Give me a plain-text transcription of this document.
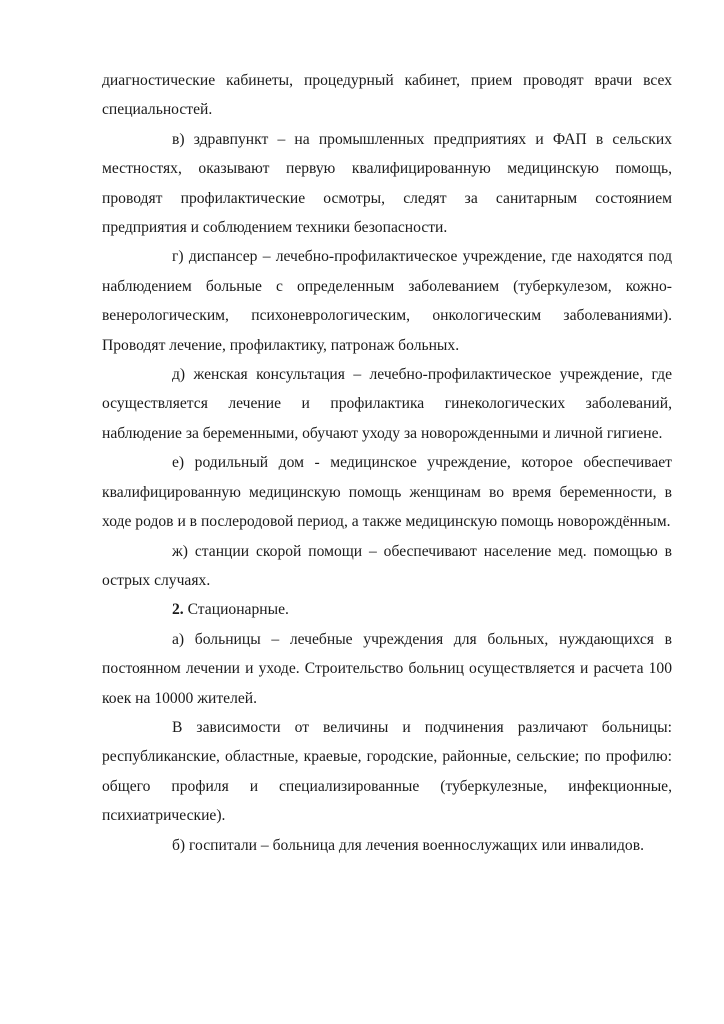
диагностические кабинеты, процедурный кабинет, прием проводят врачи всех специальностей.

в) здравпункт – на промышленных предприятиях и ФАП в сельских местностях, оказывают первую квалифицированную медицинскую помощь, проводят профилактические осмотры, следят за санитарным состоянием предприятия и соблюдением техники безопасности.

г) диспансер – лечебно-профилактическое учреждение, где находятся под наблюдением больные с определенным заболеванием (туберкулезом, кожно-венерологическим, психоневрологическим, онкологическим заболеваниями). Проводят лечение, профилактику, патронаж больных.

д) женская консультация – лечебно-профилактическое учреждение, где осуществляется лечение и профилактика гинекологических заболеваний, наблюдение за беременными, обучают уходу за новорожденными и личной гигиене.

е) родильный дом - медицинское учреждение, которое обеспечивает квалифицированную медицинскую помощь женщинам во время беременности, в ходе родов и в послеродовой период, а также медицинскую помощь новорождённым.

ж) станции скорой помощи – обеспечивают население мед. помощью в острых случаях.

2. Стационарные.

а) больницы – лечебные учреждения для больных, нуждающихся в постоянном лечении и уходе. Строительство больниц осуществляется и расчета 100 коек на 10000 жителей.

В зависимости от величины и подчинения различают больницы: республиканские, областные, краевые, городские, районные, сельские; по профилю: общего профиля и специализированные (туберкулезные, инфекционные, психиатрические).

б) госпитали – больница для лечения военнослужащих или инвалидов.
